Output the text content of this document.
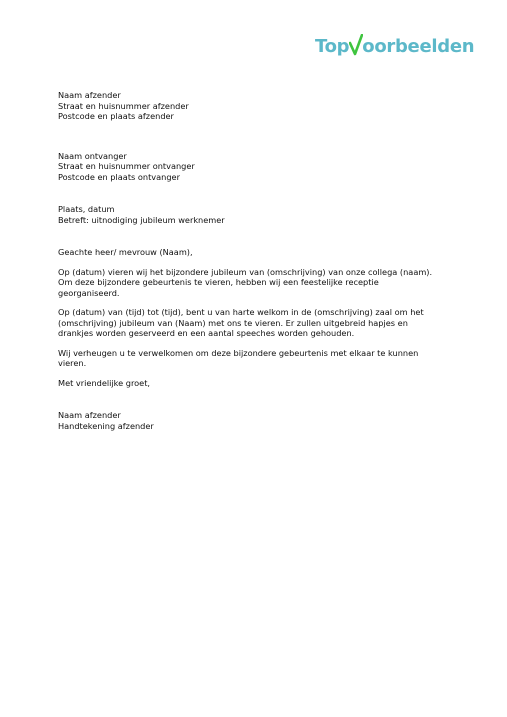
Top oorbeelden

Naam afzender

Straat en huisnummer afzender

Postcode en plaats afzender

Naam ontvanger

Straat en huisnummer ontvanger

Postcode en plaats ontvanger

Plaats, datum

Betreft: uitnodiging jubileum werknemer

Geachte heer/ mevrouw (Naam),

Op (datum) vieren wij het bijzondere jubileum van (omschrijving) van onze collega (naam).

Om deze bijzondere gebeurtenis te vieren, hebben wij een feestelijke receptie

georganiseerd.

Op (datum) van (tijd) tot (tijd), bent u van harte welkom in de (omschrijving) zaal om het

(omschrijving) jubileum van (Naam) met ons te vieren. Er zullen uitgebreid hapjes en

drankjes worden geserveerd en een aantal speeches worden gehouden.

Wij verheugen u te verwelkomen om deze bijzondere gebeurtenis met elkaar te kunnen

vieren.

Met vriendelijke groet,

Naam afzender

Handtekening afzender
